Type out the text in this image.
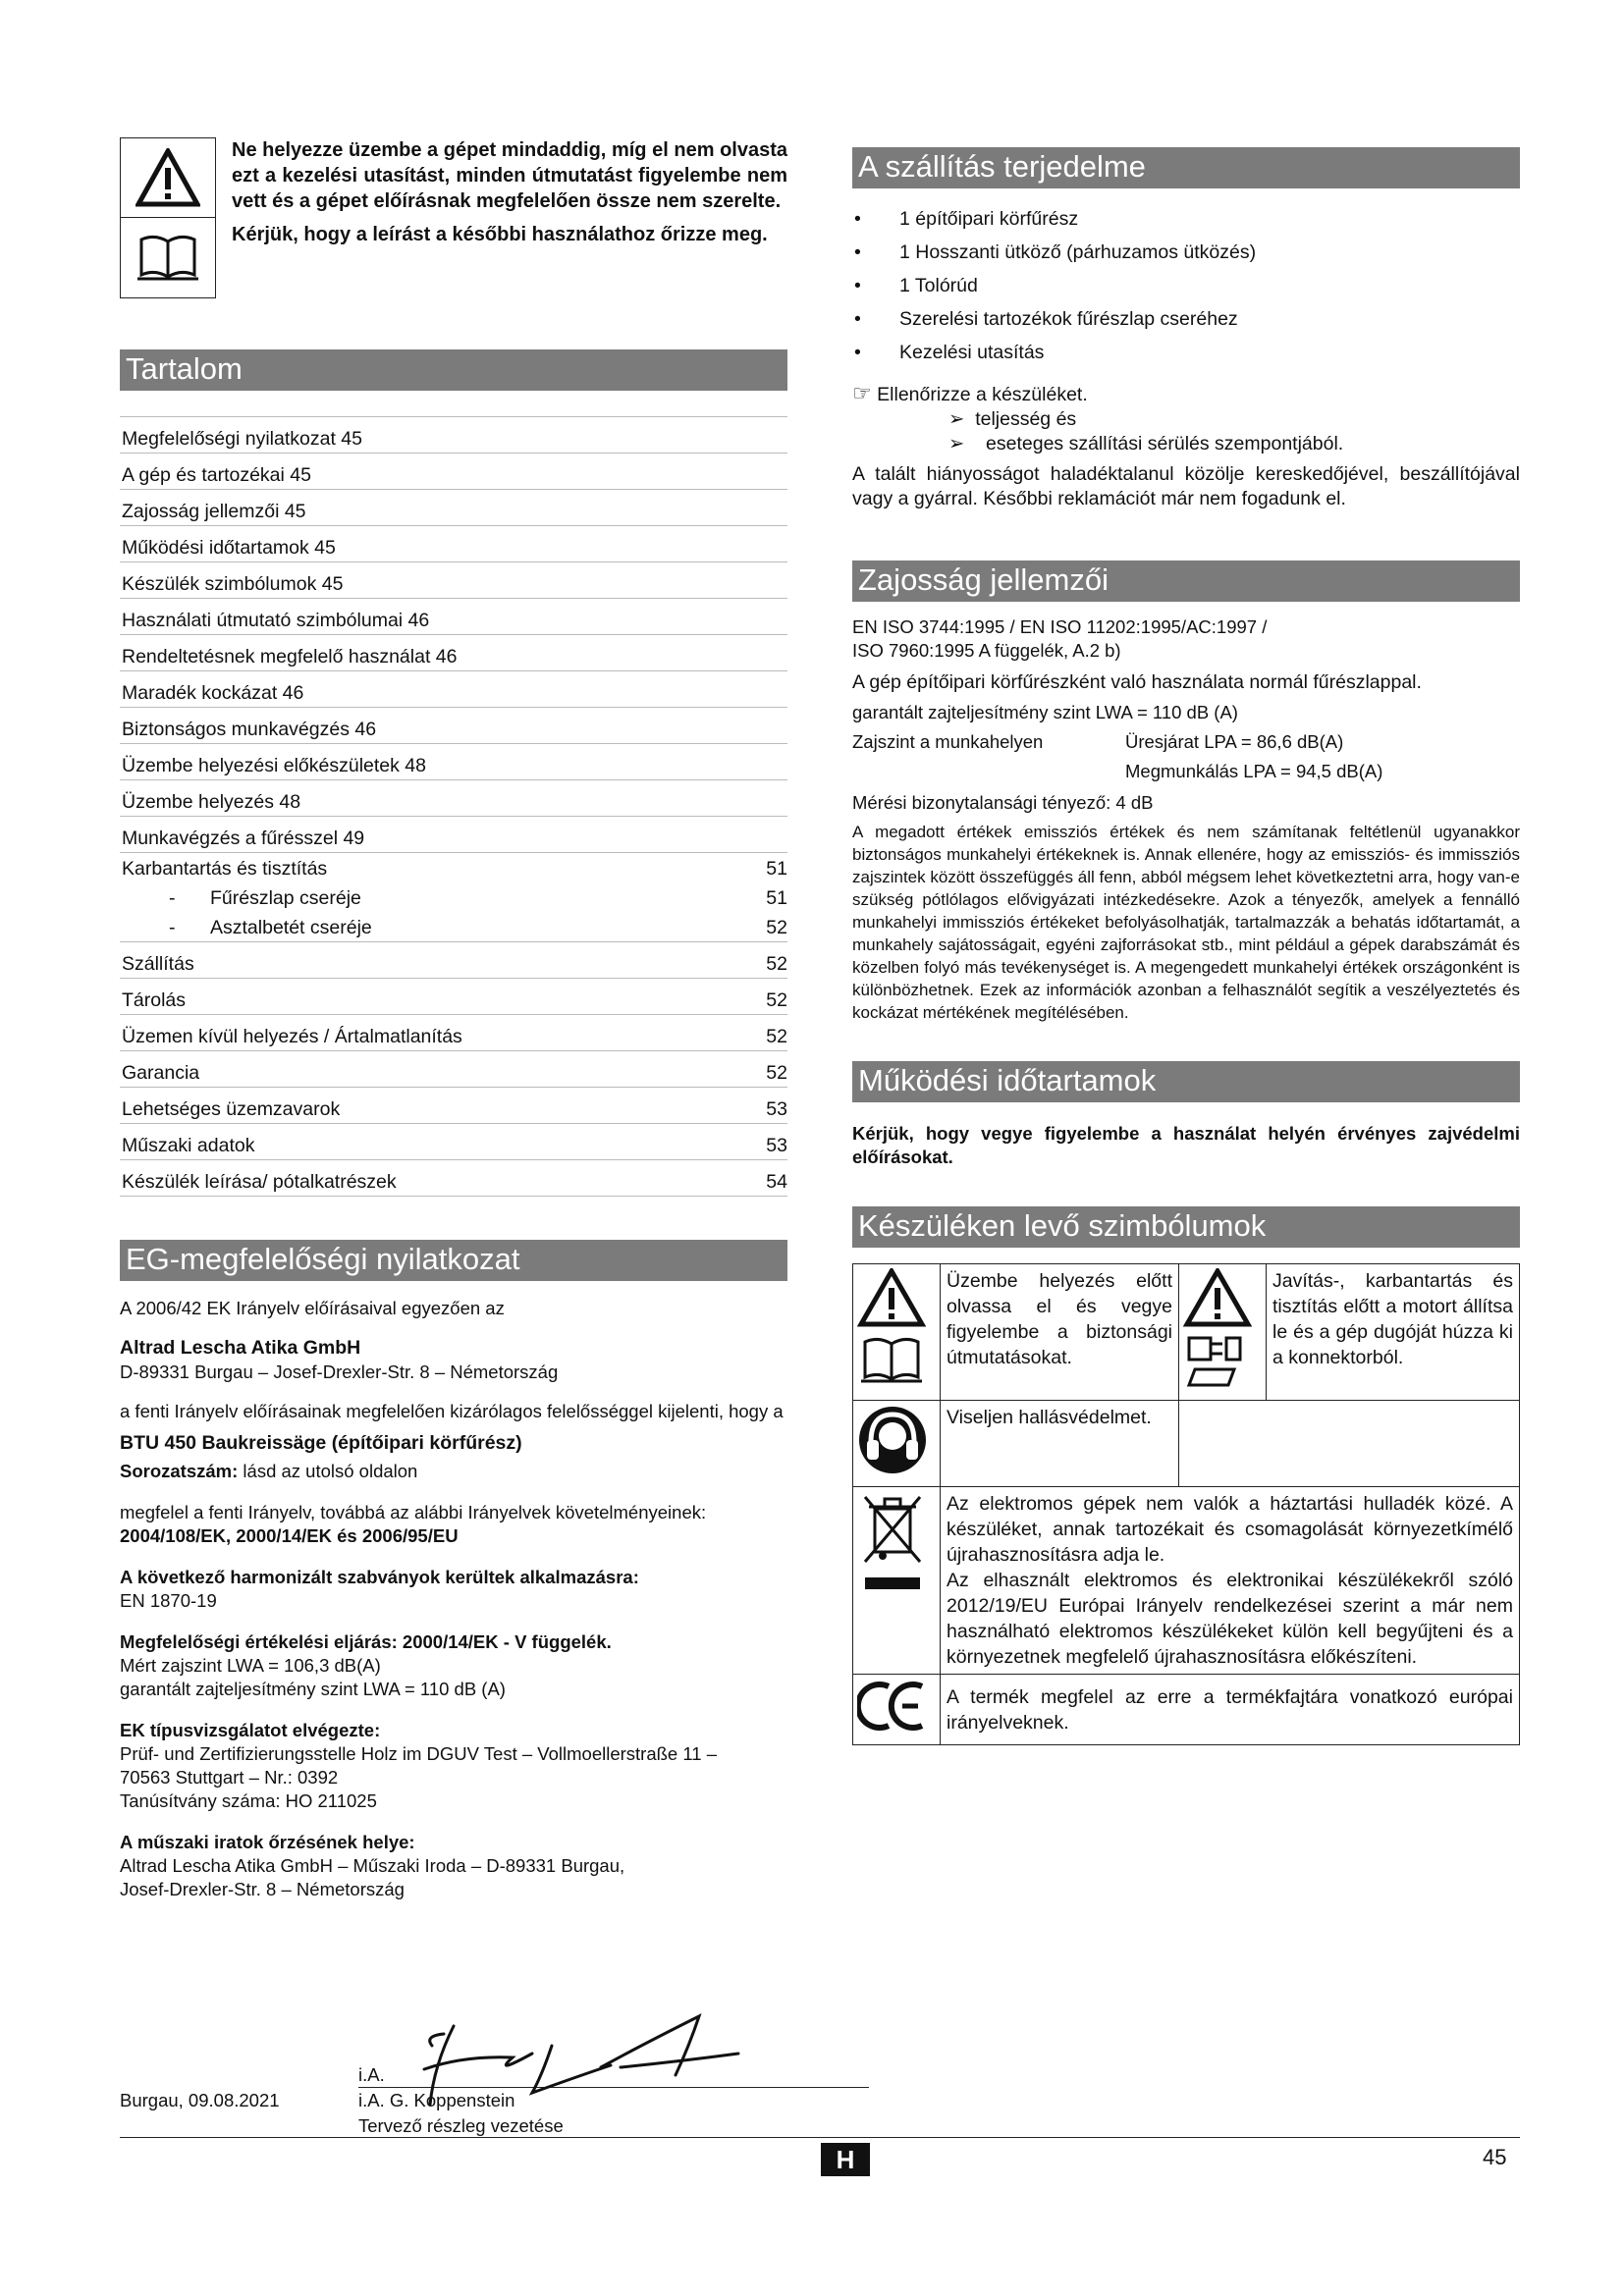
Ne helyezze üzembe a gépet mindaddig, míg el nem olvasta ezt a kezelési utasítást, minden útmutatást figyelembe nem vett és a gépet előírásnak megfelelően össze nem szerelte.

Kérjük, hogy a leírást a későbbi használathoz őrizze meg.

Tartalom
Megfelelőségi nyilatkozat 45
A gép és tartozékai 45
Zajosság jellemzői 45
Működési időtartamok 45
Készülék szimbólumok 45
Használati útmutató szimbólumai 46
Rendeltetésnek megfelelő használat 46
Maradék kockázat 46
Biztonságos munkavégzés 46
Üzembe helyezési előkészületek 48
Üzembe helyezés 48
Munkavégzés a fűrésszel 49
Karbantartás és tisztítás	51
- Fűrészlap cseréje	51
- Asztalbetét cseréje	52
Szállítás	52
Tárolás	52
Üzemen kívül helyezés / Ártalmatlanítás	52
Garancia	52
Lehetséges üzemzavarok	53
Műszaki adatok	53
Készülék leírása/ pótalkatrészek	54
EG-megfelelőségi nyilatkozat

A 2006/42 EK Irányelv előírásaival egyezően az

Altrad Lescha Atika GmbH

D-89331 Burgau – Josef-Drexler-Str. 8 – Németország

a fenti Irányelv előírásainak megfelelően kizárólagos felelősséggel kijelenti, hogy a

BTU 450 Baukreissäge (építőipari körfűrész)

Sorozatszám: lásd az utolsó oldalon

megfelel a fenti Irányelv, továbbá az alábbi Irányelvek követelményeinek:

2004/108/EK, 2000/14/EK és 2006/95/EU

A következő harmonizált szabványok kerültek alkalmazásra:

EN 1870-19

Megfelelőségi értékelési eljárás: 2000/14/EK - V függelék.

Mért zajszint LWA = 106,3 dB(A)

garantált zajteljesítmény szint LWA = 110 dB (A)

EK típusvizsgálatot elvégezte:

Prüf- und Zertifizierungsstelle Holz im DGUV Test – Vollmoellerstraße 11 –

70563 Stuttgart – Nr.: 0392

Tanúsítvány száma: HO 211025

A műszaki iratok őrzésének helye:

Altrad Lescha Atika GmbH – Műszaki Iroda – D-89331 Burgau,

Josef-Drexler-Str. 8 – Németország

Burgau, 09.08.2021
i.A.
i.A. G. Koppenstein
Tervező részleg vezetése
A szállítás terjedelme
• 1 építőipari körfűrész
• 1 Hosszanti ütköző (párhuzamos ütközés)
• 1 Tolórúd
• Szerelési tartozékok fűrészlap cseréhez
• Kezelési utasítás

☞ Ellenőrizze a készüléket.

➢ teljesség és

➢ eseteges szállítási sérülés szempontjából.

A talált hiányosságot haladéktalanul közölje kereskedőjével, beszállítójával vagy a gyárral. Későbbi reklamációt már nem fogadunk el.

Zajosság jellemzői

EN ISO 3744:1995 / EN ISO 11202:1995/AC:1997 /

ISO 7960:1995 A függelék, A.2 b)

A gép építőipari körfűrészként való használata normál fűrészlappal.

garantált zajteljesítmény szint LWA = 110 dB (A)

Zajszint a munkahelyen	Üresjárat LPA = 86,6 dB(A)

Megmunkálás LPA = 94,5 dB(A)

Mérési bizonytalansági tényező: 4 dB

A megadott értékek emissziós értékek és nem számítanak feltétlenül ugyanakkor biztonságos munkahelyi értékeknek is. Annak ellenére, hogy az emissziós- és immissziós zajszintek között összefüggés áll fenn, abból mégsem lehet következtetni arra, hogy van-e szükség pótlólagos elővigyázati intézkedésekre. Azok a tényezők, amelyek a fennálló munkahelyi immissziós értékeket befolyásolhatják, tartalmazzák a behatás időtartamát, a munkahely sajátosságait, egyéni zajforrásokat stb., mint például a gépek darabszámát és közelben folyó más tevékenységet is. A megengedett munkahelyi értékek országonként is különbözhetnek. Ezek az információk azonban a felhasználót segítik a veszélyeztetés és kockázat mértékének megítélésében.

Működési időtartamok

Kérjük, hogy vegye figyelembe a használat helyén érvényes zajvédelmi előírásokat.

Készüléken levő szimbólumok
	Üzembe helyezés előtt olvassa el és vegye figyelembe a biztonsági útmutatásokat.		Javítás-, karbantartás és tisztítás előtt a motort állítsa le és a gép dugóját húzza ki a konnektorból.
	Viseljen hallásvédelmet.		

Az elektromos gépek nem valók a háztartási hulladék közé. A készüléket, annak tartozékait és csomagolását környezetkímélő újrahasznosításra adja le.

Az elhasznált elektromos és elektronikai készülékekről szóló 2012/19/EU Európai Irányelv rendelkezései szerint a már nem használható elektromos készülékeket külön kell begyűjteni és a környezetnek megfelelő újrahasznosításra előkészíteni.		

	A termék megfelel az erre a termékfajtára vonatkozó európai irányelveknek.		
H	45
